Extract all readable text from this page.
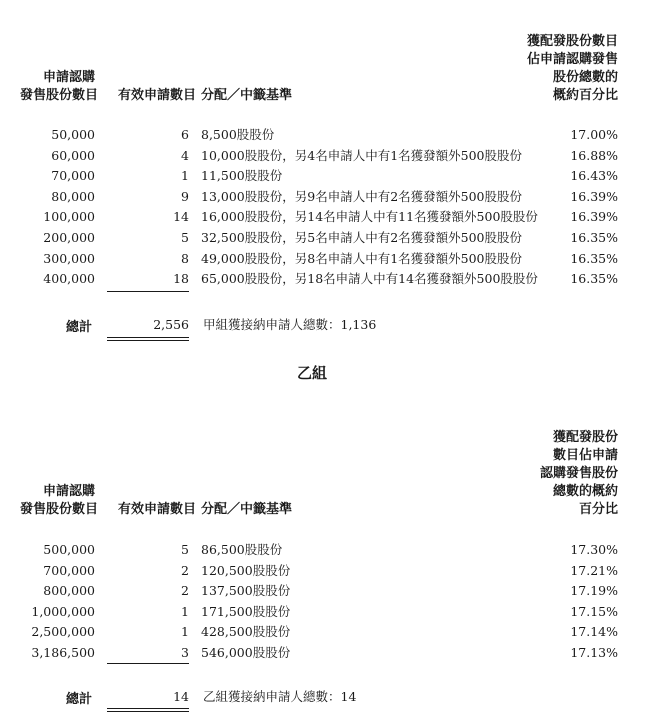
申請認購
發售股份數目 有效申請數目 分配／中籤基準
獲配發股份數目
佔申請認購發售
股份總數的
概約百分比
50,000	6 8,500股股份	17.00%
60,000	4 10,000股股份，另4名申請人中有1名獲發額外500股股份	16.88%
70,000	1 11,500股股份	16.43%
80,000	9 13,000股股份，另9名申請人中有2名獲發額外500股股份	16.39%
100,000	14 16,000股股份，另14名申請人中有11名獲發額外500股股份	16.39%
200,000	5 32,500股股份，另5名申請人中有2名獲發額外500股股份	16.35%
300,000	8 49,000股股份，另8名申請人中有1名獲發額外500股股份	16.35%
400,000	18 65,000股股份，另18名申請人中有14名獲發額外500股股份	16.35%
總計	2,556 甲組獲接納申請人總數：1,136
乙組
申請認購
發售股份數目 有效申請數目 分配／中籤基準
獲配發股份
數目佔申請
認購發售股份
總數的概約
百分比
500,000	5 86,500股股份	17.30%
700,000	2 120,500股股份	17.21%
800,000	2 137,500股股份	17.19%
1,000,000	1 171,500股股份	17.15%
2,500,000	1 428,500股股份	17.14%
3,186,500	3 546,000股股份	17.13%
總計	14 乙組獲接納申請人總數：14
